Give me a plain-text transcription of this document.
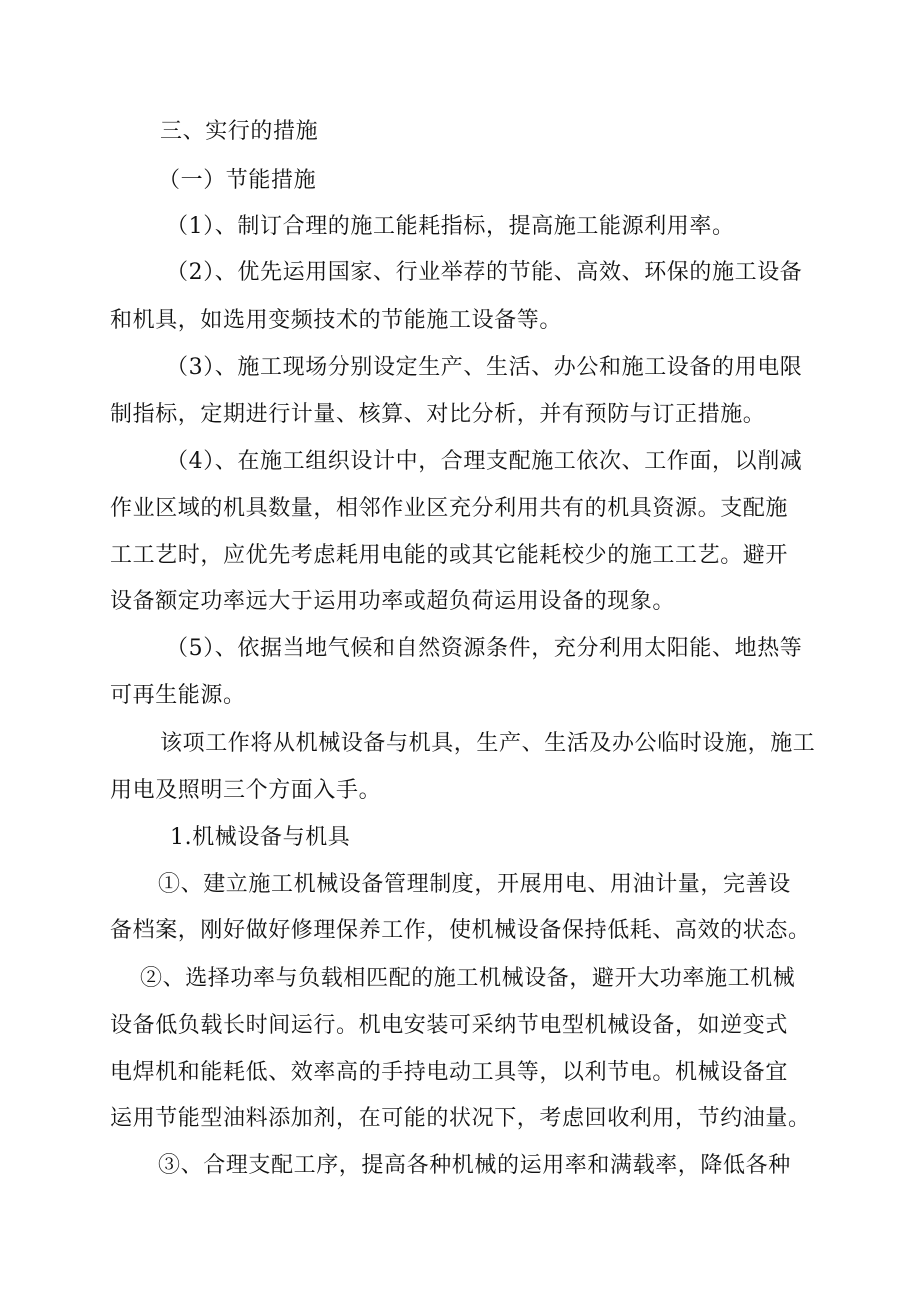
三、实行的措施
（一）节能措施
（1）、制订合理的施工能耗指标，提高施工能源利用率。
（2）、优先运用国家、行业举荐的节能、高效、环保的施工设备
和机具，如选用变频技术的节能施工设备等。
（3）、施工现场分别设定生产、生活、办公和施工设备的用电限
制指标，定期进行计量、核算、对比分析，并有预防与订正措施。
（4）、在施工组织设计中，合理支配施工依次、工作面，以削减
作业区域的机具数量，相邻作业区充分利用共有的机具资源。支配施
工工艺时，应优先考虑耗用电能的或其它能耗校少的施工工艺。避开
设备额定功率远大于运用功率或超负荷运用设备的现象。
（5）、依据当地气候和自然资源条件，充分利用太阳能、地热等
可再生能源。
该项工作将从机械设备与机具，生产、生活及办公临时设施，施工
用电及照明三个方面入手。
1.机械设备与机具
①、建立施工机械设备管理制度，开展用电、用油计量，完善设
备档案，刚好做好修理保养工作，使机械设备保持低耗、高效的状态。
②、选择功率与负载相匹配的施工机械设备，避开大功率施工机械
设备低负载长时间运行。机电安装可采纳节电型机械设备，如逆变式
电焊机和能耗低、效率高的手持电动工具等，以利节电。机械设备宜
运用节能型油料添加剂，在可能的状况下，考虑回收利用，节约油量。
③、合理支配工序，提高各种机械的运用率和满载率，降低各种
